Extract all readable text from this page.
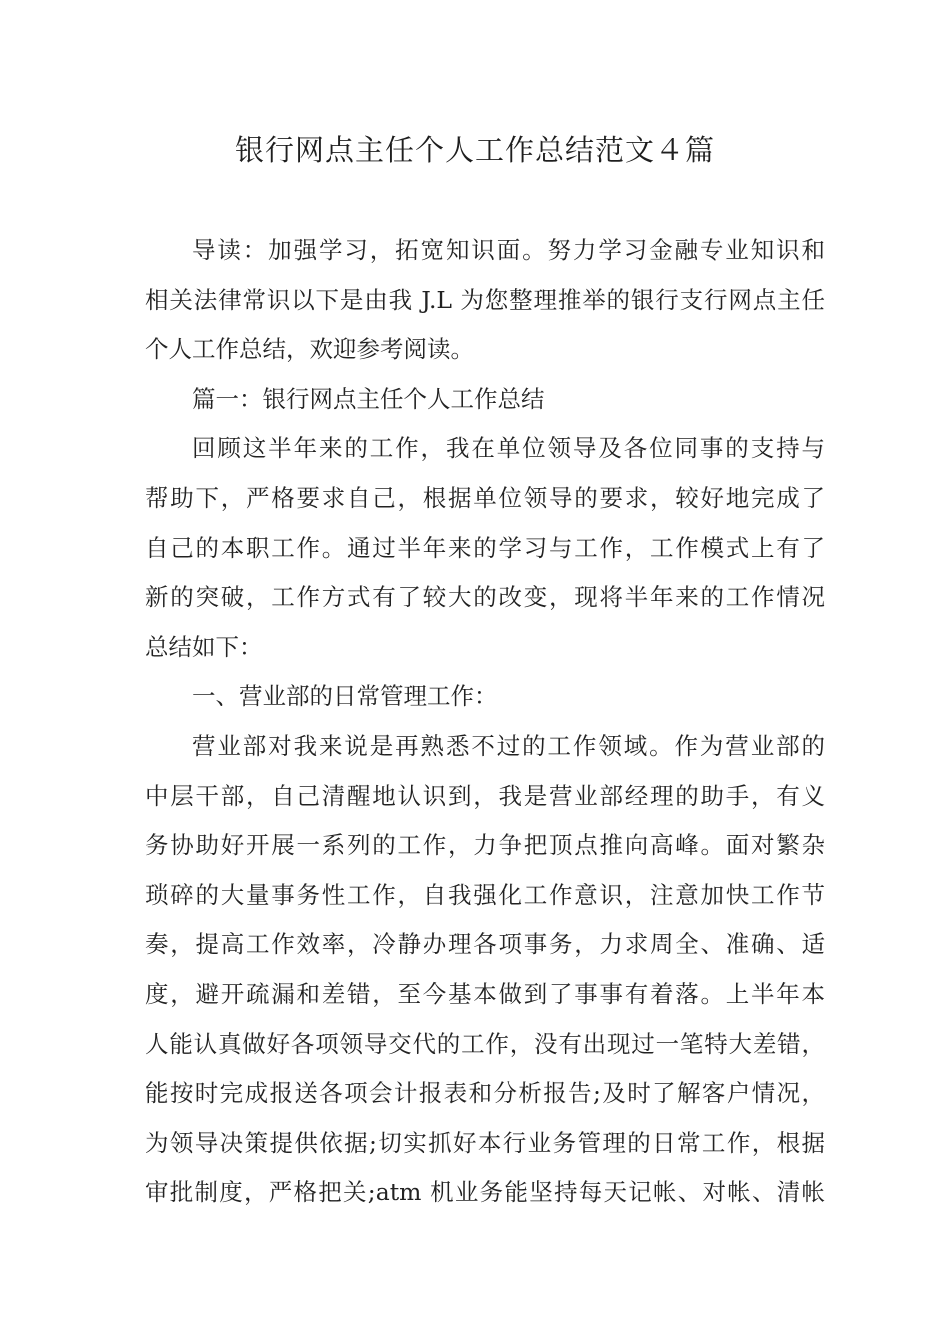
银行网点主任个人工作总结范文４篇
导读：加强学习，拓宽知识面。努力学习金融专业知识和
相关法律常识以下是由我 J.L 为您整理推举的银行支行网点主任
个人工作总结，欢迎参考阅读。
篇一：银行网点主任个人工作总结
回顾这半年来的工作，我在单位领导及各位同事的支持与
帮助下，严格要求自己，根据单位领导的要求，较好地完成了
自己的本职工作。通过半年来的学习与工作，工作模式上有了
新的突破，工作方式有了较大的改变，现将半年来的工作情况
总结如下：
一、营业部的日常管理工作：
营业部对我来说是再熟悉不过的工作领域。作为营业部的
中层干部，自己清醒地认识到，我是营业部经理的助手，有义
务协助好开展一系列的工作，力争把顶点推向高峰。面对繁杂
琐碎的大量事务性工作，自我强化工作意识，注意加快工作节
奏，提高工作效率，冷静办理各项事务，力求周全、准确、适
度，避开疏漏和差错，至今基本做到了事事有着落。上半年本
人能认真做好各项领导交代的工作，没有出现过一笔特大差错，
能按时完成报送各项会计报表和分析报告;及时了解客户情况，
为领导决策提供依据;切实抓好本行业务管理的日常工作，根据
审批制度，严格把关;atm 机业务能坚持每天记帐、对帐、清帐
